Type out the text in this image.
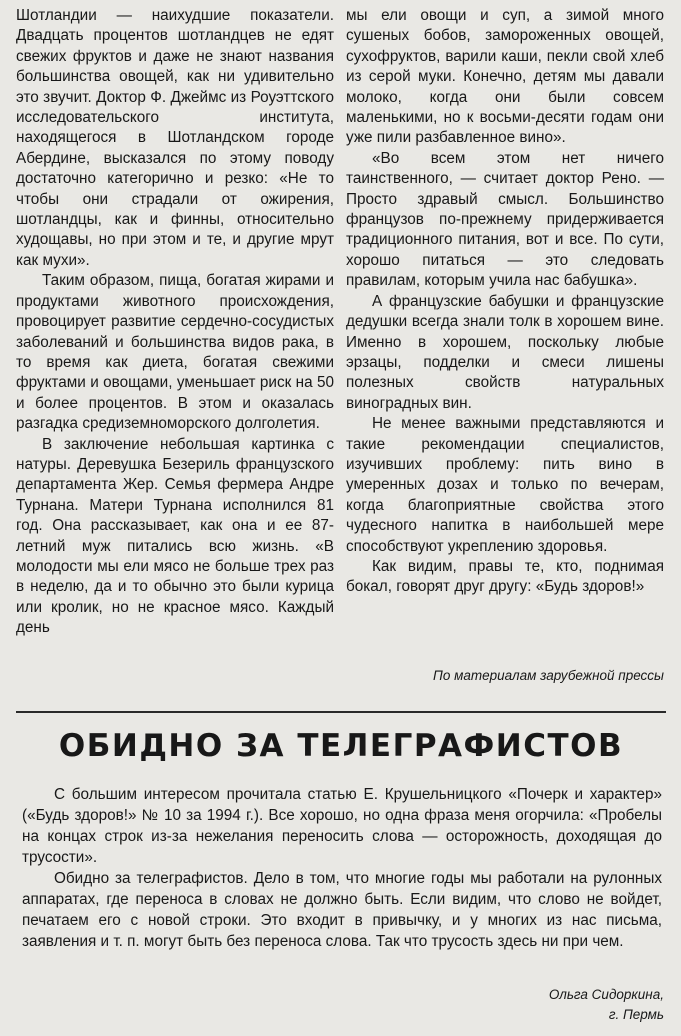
Шотландии — наихудшие показатели. Двадцать процентов шотландцев не едят свежих фруктов и даже не знают названия большинства овощей, как ни удивительно это звучит. Доктор Ф. Джеймс из Роуэттского исследовательского института, находящегося в Шотландском городе Абердине, высказался по этому поводу достаточно категорично и резко: «Не то чтобы они страдали от ожирения, шотландцы, как и финны, относительно худощавы, но при этом и те, и другие мрут как мухи».

Таким образом, пища, богатая жирами и продуктами животного происхождения, провоцирует развитие сердечно-сосудистых заболеваний и большинства видов рака, в то время как диета, богатая свежими фруктами и овощами, уменьшает риск на 50 и более процентов. В этом и оказалась разгадка средиземноморского долголетия.

В заключение небольшая картинка с натуры. Деревушка Безериль французского департамента Жер. Семья фермера Андре Турнана. Матери Турнана исполнился 81 год. Она рассказывает, как она и ее 87-летний муж питались всю жизнь. «В молодости мы ели мясо не больше трех раз в неделю, да и то обычно это были курица или кролик, но не красное мясо. Каждый день

мы ели овощи и суп, а зимой много сушеных бобов, замороженных овощей, сухофруктов, варили каши, пекли свой хлеб из серой муки. Конечно, детям мы давали молоко, когда они были совсем маленькими, но к восьми-десяти годам они уже пили разбавленное вино».

«Во всем этом нет ничего таинственного, — считает доктор Рено. — Просто здравый смысл. Большинство французов по-прежнему придерживается традиционного питания, вот и все. По сути, хорошо питаться — это следовать правилам, которым учила нас бабушка».

А французские бабушки и французские дедушки всегда знали толк в хорошем вине. Именно в хорошем, поскольку любые эрзацы, подделки и смеси лишены полезных свойств натуральных виноградных вин.

Не менее важными представляются и такие рекомендации специалистов, изучивших проблему: пить вино в умеренных дозах и только по вечерам, когда благоприятные свойства этого чудесного напитка в наибольшей мере способствуют укреплению здоровья.

Как видим, правы те, кто, поднимая бокал, говорят друг другу: «Будь здоров!»

По материалам зарубежной прессы
ОБИДНО ЗА ТЕЛЕГРАФИСТОВ

С большим интересом прочитала статью Е. Крушельницкого «Почерк и характер» («Будь здоров!» № 10 за 1994 г.). Все хорошо, но одна фраза меня огорчила: «Пробелы на концах строк из-за нежелания переносить слова — осторожность, доходящая до трусости».

Обидно за телеграфистов. Дело в том, что многие годы мы работали на рулонных аппаратах, где переноса в словах не должно быть. Если видим, что слово не войдет, печатаем его с новой строки. Это входит в привычку, и у многих из нас письма, заявления и т. п. могут быть без переноса слова. Так что трусость здесь ни при чем.

Ольга Сидоркина,
г. Пермь
